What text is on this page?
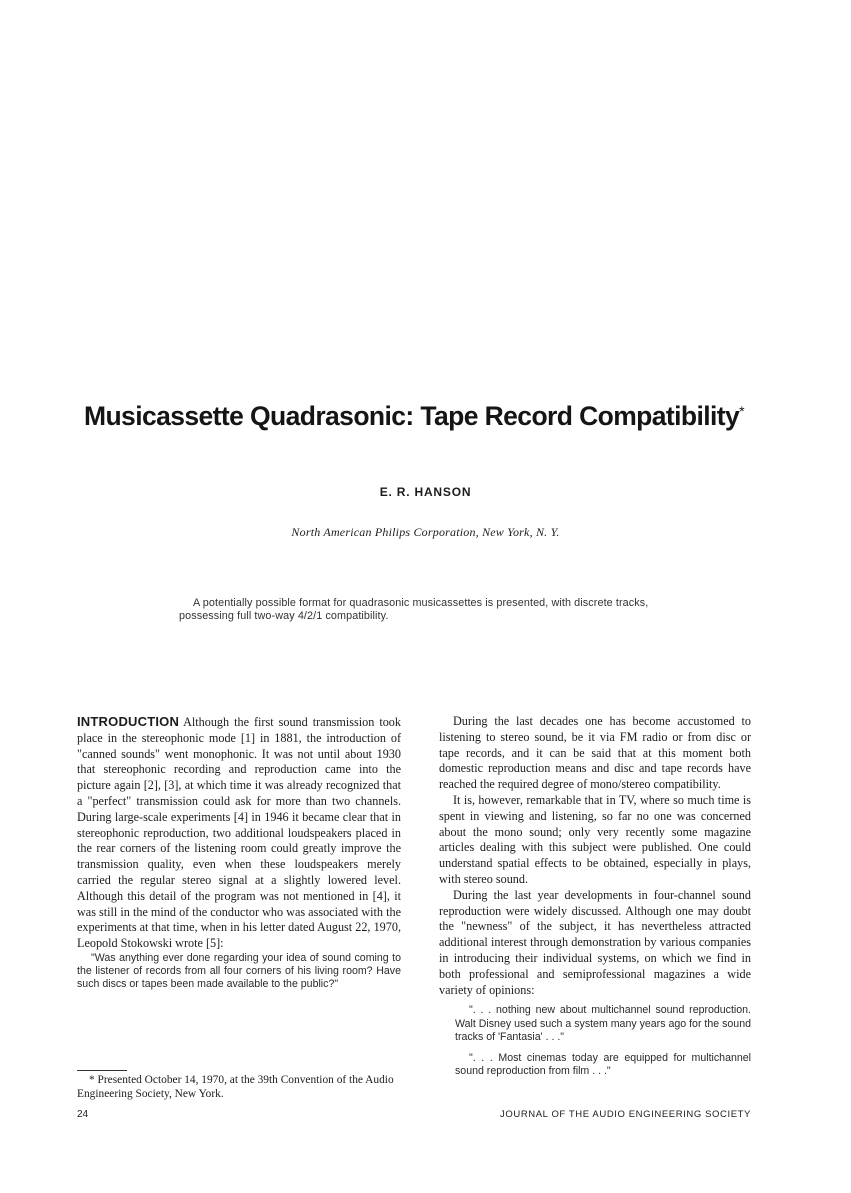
Musicassette Quadrasonic: Tape Record Compatibility*
E. R. HANSON
North American Philips Corporation, New York, N. Y.

A potentially possible format for quadrasonic musicassettes is presented, with discrete tracks, possessing full two-way 4/2/1 compatibility.

INTRODUCTION Although the first sound transmission took place in the stereophonic mode [1] in 1881, the introduction of "canned sounds" went monophonic. It was not until about 1930 that stereophonic recording and reproduction came into the picture again [2], [3], at which time it was already recognized that a "perfect" transmission could ask for more than two channels. During large-scale experiments [4] in 1946 it became clear that in stereophonic reproduction, two additional loudspeakers placed in the rear corners of the listening room could greatly improve the transmission quality, even when these loudspeakers merely carried the regular stereo signal at a slightly lowered level. Although this detail of the program was not mentioned in [4], it was still in the mind of the conductor who was associated with the experiments at that time, when in his letter dated August 22, 1970, Leopold Stokowski wrote [5]:

"Was anything ever done regarding your idea of sound coming to the listener of records from all four corners of his living room? Have such discs or tapes been made available to the public?"

During the last decades one has become accustomed to listening to stereo sound, be it via FM radio or from disc or tape records, and it can be said that at this moment both domestic reproduction means and disc and tape records have reached the required degree of mono/stereo compatibility.

It is, however, remarkable that in TV, where so much time is spent in viewing and listening, so far no one was concerned about the mono sound; only very recently some magazine articles dealing with this subject were published. One could understand spatial effects to be obtained, especially in plays, with stereo sound.

During the last year developments in four-channel sound reproduction were widely discussed. Although one may doubt the "newness" of the subject, it has nevertheless attracted additional interest through demonstration by various companies in introducing their individual systems, on which we find in both professional and semiprofessional magazines a wide variety of opinions:

". . . nothing new about multichannel sound reproduction. Walt Disney used such a system many years ago for the sound tracks of 'Fantasia' . . ."

". . . Most cinemas today are equipped for multichannel sound reproduction from film . . ."

* Presented October 14, 1970, at the 39th Convention of the Audio Engineering Society, New York.

24	JOURNAL OF THE AUDIO ENGINEERING SOCIETY
